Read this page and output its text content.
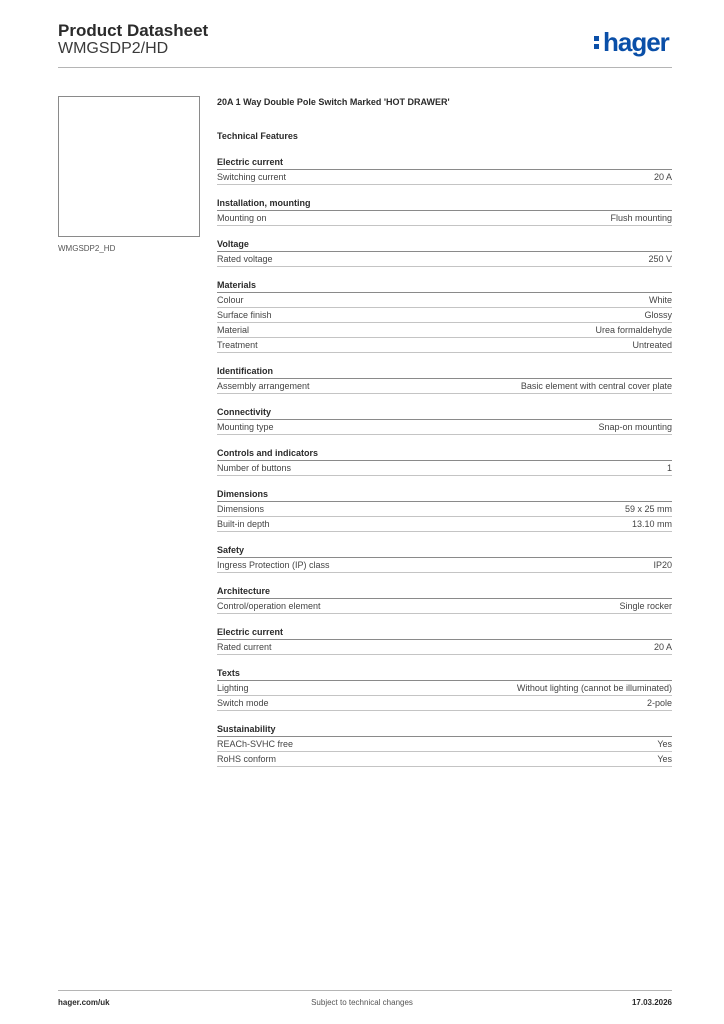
Product Datasheet
WMGSDP2/HD	hager
WMGSDP2_HD
20A 1 Way Double Pole Switch Marked 'HOT DRAWER'
Technical Features
Electric current
Switching current	20 A
Installation, mounting
Mounting on	Flush mounting
Voltage
Rated voltage	250 V
Materials
Colour	White
Surface finish	Glossy
Material	Urea formaldehyde
Treatment	Untreated
Identification
Assembly arrangement	Basic element with central cover plate
Connectivity
Mounting type	Snap-on mounting
Controls and indicators
Number of buttons	1
Dimensions
Dimensions	59 x 25 mm
Built-in depth	13.10 mm
Safety
Ingress Protection (IP) class	IP20
Architecture
Control/operation element	Single rocker
Electric current
Rated current	20 A
Texts
Lighting	Without lighting (cannot be illuminated)
Switch mode	2-pole
Sustainability
REACh-SVHC free	Yes
RoHS conform	Yes
hager.com/uk	Subject to technical changes	17.03.2026
